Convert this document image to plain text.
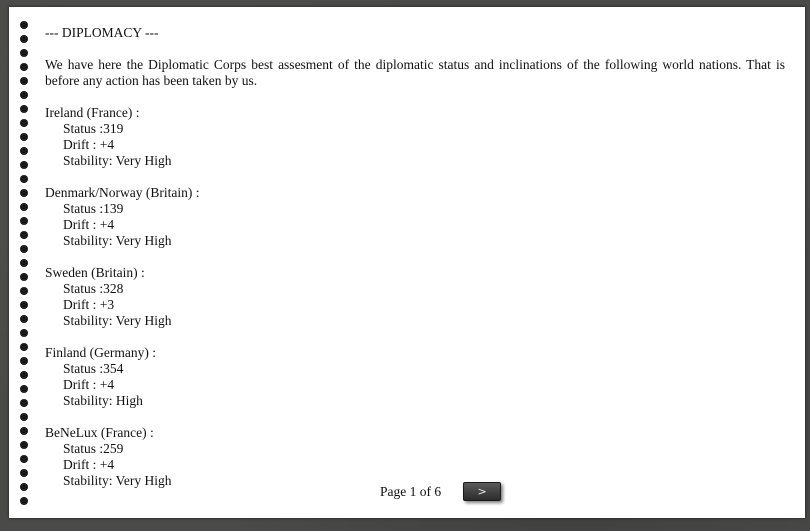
--- DIPLOMACY ---
We have here the Diplomatic Corps best assesment of the diplomatic status and inclinations of the following world nations. That is before any action has been taken by us.
Ireland (France) :
Status :319
Drift : +4
Stability: Very High
Denmark/Norway (Britain) :
Status :139
Drift : +4
Stability: Very High
Sweden (Britain) :
Status :328
Drift : +3
Stability: Very High
Finland (Germany) :
Status :354
Drift : +4
Stability: High
BeNeLux (France) :
Status :259
Drift : +4
Stability: Very High
Page 1 of 6	>
